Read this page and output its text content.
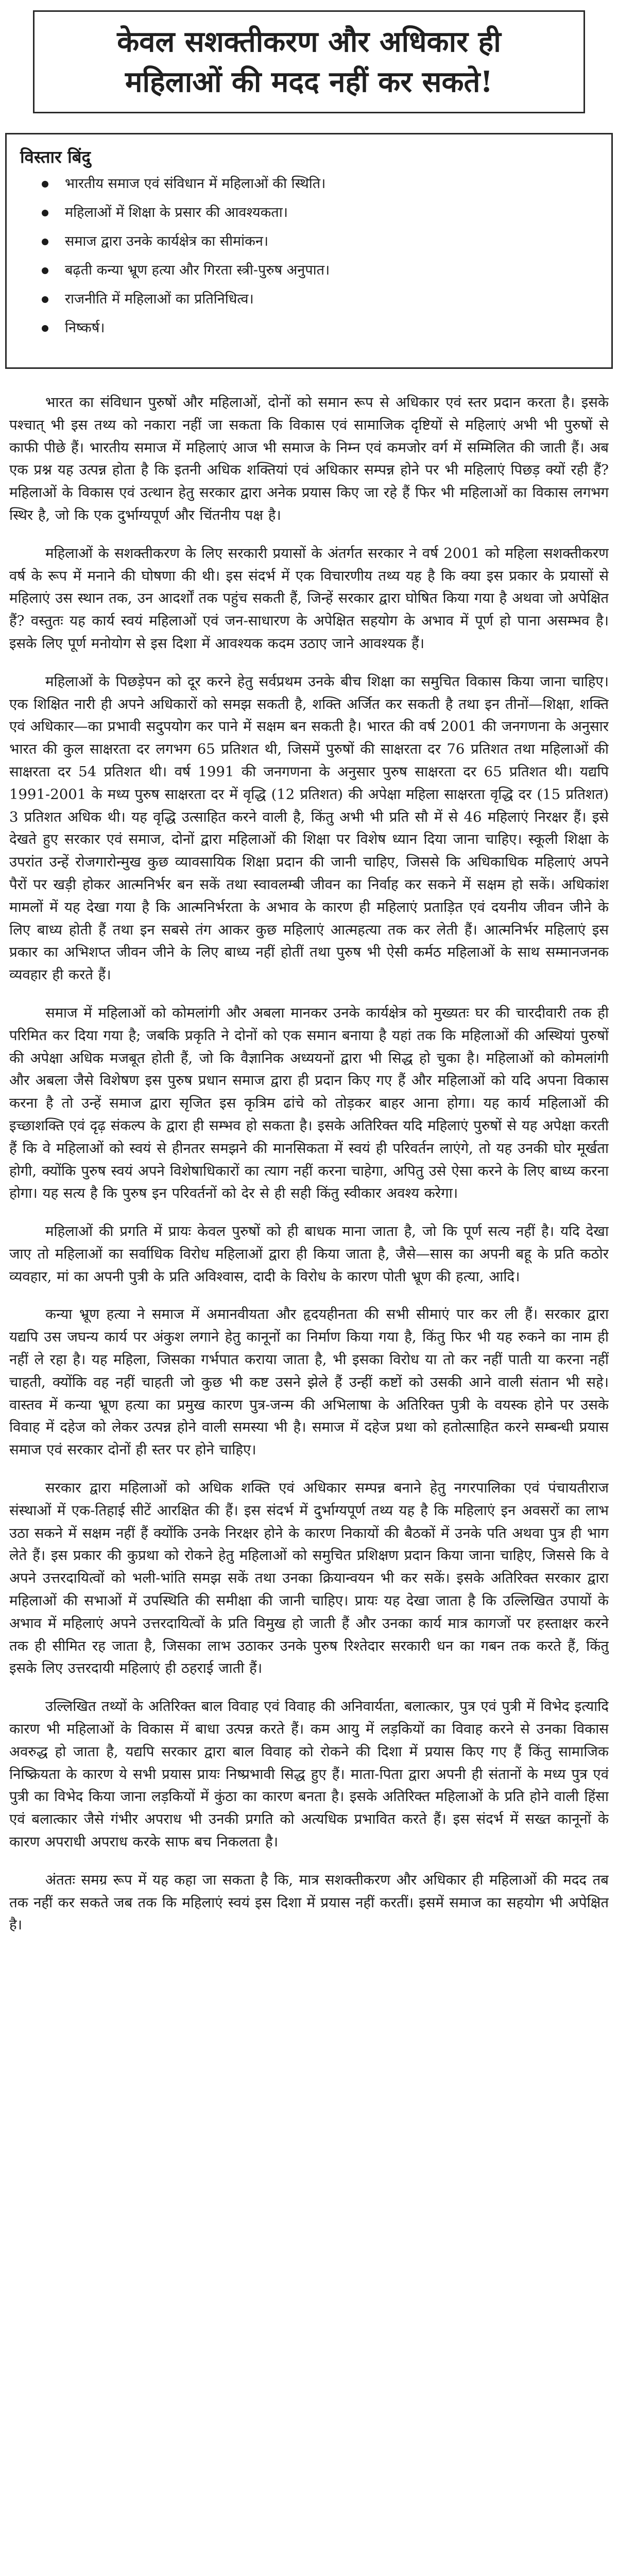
केवल सशक्तीकरण और अधिकार ही
महिलाओं की मदद नहीं कर सकते!
विस्तार बिंदु
भारतीय समाज एवं संविधान में महिलाओं की स्थिति।
महिलाओं में शिक्षा के प्रसार की आवश्यकता।
समाज द्वारा उनके कार्यक्षेत्र का सीमांकन।
बढ़ती कन्या भ्रूण हत्या और गिरता स्त्री-पुरुष अनुपात।
राजनीति में महिलाओं का प्रतिनिधित्व।
निष्कर्ष।

भारत का संविधान पुरुषों और महिलाओं, दोनों को समान रूप से अधिकार एवं स्तर प्रदान करता है। इसके पश्चात् भी इस तथ्य को नकारा नहीं जा सकता कि विकास एवं सामाजिक दृष्टियों से महिलाएं अभी भी पुरुषों से काफी पीछे हैं। भारतीय समाज में महिलाएं आज भी समाज के निम्न एवं कमजोर वर्ग में सम्मिलित की जाती हैं। अब एक प्रश्न यह उत्पन्न होता है कि इतनी अधिक शक्तियां एवं अधिकार सम्पन्न होने पर भी महिलाएं पिछड़ क्यों रही हैं? महिलाओं के विकास एवं उत्थान हेतु सरकार द्वारा अनेक प्रयास किए जा रहे हैं फिर भी महिलाओं का विकास लगभग स्थिर है, जो कि एक दुर्भाग्यपूर्ण और चिंतनीय पक्ष है।

महिलाओं के सशक्तीकरण के लिए सरकारी प्रयासों के अंतर्गत सरकार ने वर्ष 2001 को महिला सशक्तीकरण वर्ष के रूप में मनाने की घोषणा की थी। इस संदर्भ में एक विचारणीय तथ्य यह है कि क्या इस प्रकार के प्रयासों से महिलाएं उस स्थान तक, उन आदर्शों तक पहुंच सकती हैं, जिन्हें सरकार द्वारा घोषित किया गया है अथवा जो अपेक्षित हैं? वस्तुतः यह कार्य स्वयं महिलाओं एवं जन-साधारण के अपेक्षित सहयोग के अभाव में पूर्ण हो पाना असम्भव है। इसके लिए पूर्ण मनोयोग से इस दिशा में आवश्यक कदम उठाए जाने आवश्यक हैं।

महिलाओं के पिछड़ेपन को दूर करने हेतु सर्वप्रथम उनके बीच शिक्षा का समुचित विकास किया जाना चाहिए। एक शिक्षित नारी ही अपने अधिकारों को समझ सकती है, शक्ति अर्जित कर सकती है तथा इन तीनों—शिक्षा, शक्ति एवं अधिकार—का प्रभावी सदुपयोग कर पाने में सक्षम बन सकती है। भारत की वर्ष 2001 की जनगणना के अनुसार भारत की कुल साक्षरता दर लगभग 65 प्रतिशत थी, जिसमें पुरुषों की साक्षरता दर 76 प्रतिशत तथा महिलाओं की साक्षरता दर 54 प्रतिशत थी। वर्ष 1991 की जनगणना के अनुसार पुरुष साक्षरता दर 65 प्रतिशत थी। यद्यपि 1991-2001 के मध्य पुरुष साक्षरता दर में वृद्धि (12 प्रतिशत) की अपेक्षा महिला साक्षरता वृद्धि दर (15 प्रतिशत) 3 प्रतिशत अधिक थी। यह वृद्धि उत्साहित करने वाली है, किंतु अभी भी प्रति सौ में से 46 महिलाएं निरक्षर हैं। इसे देखते हुए सरकार एवं समाज, दोनों द्वारा महिलाओं की शिक्षा पर विशेष ध्यान दिया जाना चाहिए। स्कूली शिक्षा के उपरांत उन्हें रोजगारोन्मुख कुछ व्यावसायिक शिक्षा प्रदान की जानी चाहिए, जिससे कि अधिकाधिक महिलाएं अपने पैरों पर खड़ी होकर आत्मनिर्भर बन सकें तथा स्वावलम्बी जीवन का निर्वाह कर सकने में सक्षम हो सकें। अधिकांश मामलों में यह देखा गया है कि आत्मनिर्भरता के अभाव के कारण ही महिलाएं प्रताड़ित एवं दयनीय जीवन जीने के लिए बाध्य होती हैं तथा इन सबसे तंग आकर कुछ महिलाएं आत्महत्या तक कर लेती हैं। आत्मनिर्भर महिलाएं इस प्रकार का अभिशप्त जीवन जीने के लिए बाध्य नहीं होतीं तथा पुरुष भी ऐसी कर्मठ महिलाओं के साथ सम्मानजनक व्यवहार ही करते हैं।

समाज में महिलाओं को कोमलांगी और अबला मानकर उनके कार्यक्षेत्र को मुख्यतः घर की चारदीवारी तक ही परिमित कर दिया गया है; जबकि प्रकृति ने दोनों को एक समान बनाया है यहां तक कि महिलाओं की अस्थियां पुरुषों की अपेक्षा अधिक मजबूत होती हैं, जो कि वैज्ञानिक अध्ययनों द्वारा भी सिद्ध हो चुका है। महिलाओं को कोमलांगी और अबला जैसे विशेषण इस पुरुष प्रधान समाज द्वारा ही प्रदान किए गए हैं और महिलाओं को यदि अपना विकास करना है तो उन्हें समाज द्वारा सृजित इस कृत्रिम ढांचे को तोड़कर बाहर आना होगा। यह कार्य महिलाओं की इच्छाशक्ति एवं दृढ़ संकल्प के द्वारा ही सम्भव हो सकता है। इसके अतिरिक्त यदि महिलाएं पुरुषों से यह अपेक्षा करती हैं कि वे महिलाओं को स्वयं से हीनतर समझने की मानसिकता में स्वयं ही परिवर्तन लाएंगे, तो यह उनकी घोर मूर्खता होगी, क्योंकि पुरुष स्वयं अपने विशेषाधिकारों का त्याग नहीं करना चाहेगा, अपितु उसे ऐसा करने के लिए बाध्य करना होगा। यह सत्य है कि पुरुष इन परिवर्तनों को देर से ही सही किंतु स्वीकार अवश्य करेगा।

महिलाओं की प्रगति में प्रायः केवल पुरुषों को ही बाधक माना जाता है, जो कि पूर्ण सत्य नहीं है। यदि देखा जाए तो महिलाओं का सर्वाधिक विरोध महिलाओं द्वारा ही किया जाता है, जैसे—सास का अपनी बहू के प्रति कठोर व्यवहार, मां का अपनी पुत्री के प्रति अविश्वास, दादी के विरोध के कारण पोती भ्रूण की हत्या, आदि।

कन्या भ्रूण हत्या ने समाज में अमानवीयता और हृदयहीनता की सभी सीमाएं पार कर ली हैं। सरकार द्वारा यद्यपि उस जघन्य कार्य पर अंकुश लगाने हेतु कानूनों का निर्माण किया गया है, किंतु फिर भी यह रुकने का नाम ही नहीं ले रहा है। यह महिला, जिसका गर्भपात कराया जाता है, भी इसका विरोध या तो कर नहीं पाती या करना नहीं चाहती, क्योंकि वह नहीं चाहती जो कुछ भी कष्ट उसने झेले हैं उन्हीं कष्टों को उसकी आने वाली संतान भी सहे। वास्तव में कन्या भ्रूण हत्या का प्रमुख कारण पुत्र-जन्म की अभिलाषा के अतिरिक्त पुत्री के वयस्क होने पर उसके विवाह में दहेज को लेकर उत्पन्न होने वाली समस्या भी है। समाज में दहेज प्रथा को हतोत्साहित करने सम्बन्धी प्रयास समाज एवं सरकार दोनों ही स्तर पर होने चाहिए।

सरकार द्वारा महिलाओं को अधिक शक्ति एवं अधिकार सम्पन्न बनाने हेतु नगरपालिका एवं पंचायतीराज संस्थाओं में एक-तिहाई सीटें आरक्षित की हैं। इस संदर्भ में दुर्भाग्यपूर्ण तथ्य यह है कि महिलाएं इन अवसरों का लाभ उठा सकने में सक्षम नहीं हैं क्योंकि उनके निरक्षर होने के कारण निकायों की बैठकों में उनके पति अथवा पुत्र ही भाग लेते हैं। इस प्रकार की कुप्रथा को रोकने हेतु महिलाओं को समुचित प्रशिक्षण प्रदान किया जाना चाहिए, जिससे कि वे अपने उत्तरदायित्वों को भली-भांति समझ सकें तथा उनका क्रियान्वयन भी कर सकें। इसके अतिरिक्त सरकार द्वारा महिलाओं की सभाओं में उपस्थिति की समीक्षा की जानी चाहिए। प्रायः यह देखा जाता है कि उल्लिखित उपायों के अभाव में महिलाएं अपने उत्तरदायित्वों के प्रति विमुख हो जाती हैं और उनका कार्य मात्र कागजों पर हस्ताक्षर करने तक ही सीमित रह जाता है, जिसका लाभ उठाकर उनके पुरुष रिश्तेदार सरकारी धन का गबन तक करते हैं, किंतु इसके लिए उत्तरदायी महिलाएं ही ठहराई जाती हैं।

उल्लिखित तथ्यों के अतिरिक्त बाल विवाह एवं विवाह की अनिवार्यता, बलात्कार, पुत्र एवं पुत्री में विभेद इत्यादि कारण भी महिलाओं के विकास में बाधा उत्पन्न करते हैं। कम आयु में लड़कियों का विवाह करने से उनका विकास अवरुद्ध हो जाता है, यद्यपि सरकार द्वारा बाल विवाह को रोकने की दिशा में प्रयास किए गए हैं किंतु सामाजिक निष्क्रियता के कारण ये सभी प्रयास प्रायः निष्प्रभावी सिद्ध हुए हैं। माता-पिता द्वारा अपनी ही संतानों के मध्य पुत्र एवं पुत्री का विभेद किया जाना लड़कियों में कुंठा का कारण बनता है। इसके अतिरिक्त महिलाओं के प्रति होने वाली हिंसा एवं बलात्कार जैसे गंभीर अपराध भी उनकी प्रगति को अत्यधिक प्रभावित करते हैं। इस संदर्भ में सख्त कानूनों के कारण अपराधी अपराध करके साफ बच निकलता है।

अंततः समग्र रूप में यह कहा जा सकता है कि, मात्र सशक्तीकरण और अधिकार ही महिलाओं की मदद तब तक नहीं कर सकते जब तक कि महिलाएं स्वयं इस दिशा में प्रयास नहीं करतीं। इसमें समाज का सहयोग भी अपेक्षित है।
